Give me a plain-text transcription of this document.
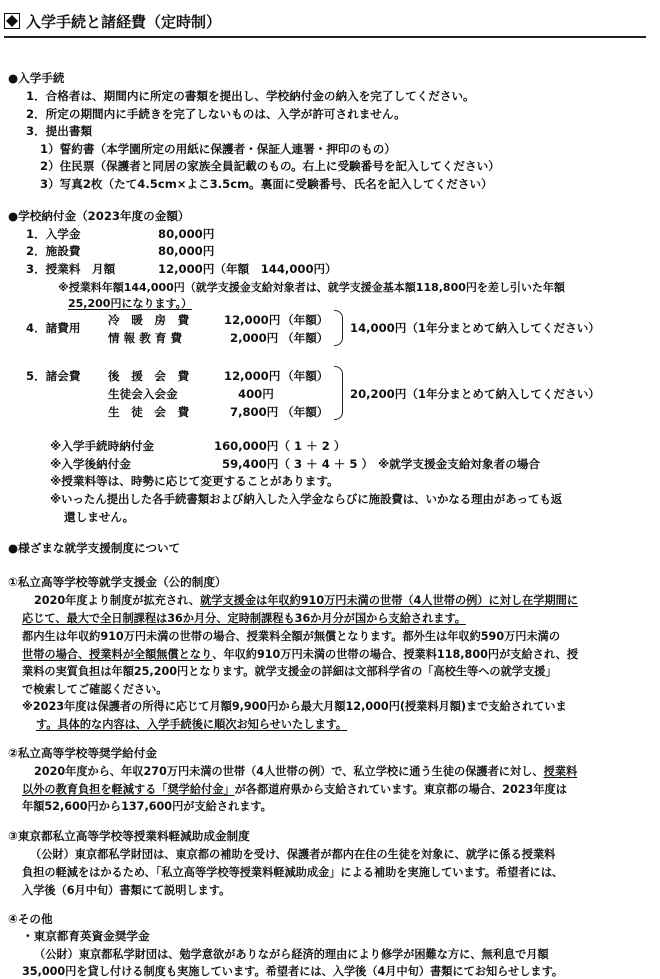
入学手続と諸経費（定時制）
●入学手続
1．合格者は、期間内に所定の書類を提出し、学校納付金の納入を完了してください。
2．所定の期間内に手続きを完了しないものは、入学が許可されません。
3．提出書類
1）誓約書（本学園所定の用紙に保護者・保証人連署・押印のもの）
2）住民票（保護者と同居の家族全員記載のもの。右上に受験番号を記入してください）
3）写真2枚（たて4.5cm×よこ3.5cm。裏面に受験番号、氏名を記入してください）
●学校納付金（2023年度の金額）
1．入学金	80,000円
2．施設費	80,000円
3．授業料　月額	12,000円（年額　144,000円）
※授業料年額144,000円（就学支援金支給対象者は、就学支援金基本額118,800円を差し引いた年額
25,200円になります。）
4．諸費用
冷　暖　房　費	12,000円 （年額）
情 報 教 育 費	2,000円 （年額）
14,000円（1年分まとめて納入してください）
5．諸会費 後　援　会　費	12,000円 （年額）
生徒会入会金	400円
生　徒　会　費	7,800円 （年額）
20,200円（1年分まとめて納入してください）
※入学手続時納付金	160,000円（ 1 ＋ 2 ）
※入学後納付金	59,400円（ 3 ＋ 4 ＋ 5 ） ※就学支援金支給対象者の場合
※授業料等は、時勢に応じて変更することがあります。
※いったん提出した各手続書類および納入した入学金ならびに施設費は、いかなる理由があっても返
還しません。
●様ざまな就学支援制度について
①私立高等学校等就学支援金（公的制度）
2020年度より制度が拡充され、就学支援金は年収約910万円未満の世帯（4人世帯の例）に対し在学期間に
応じて、最大で全日制課程は36か月分、定時制課程も36か月分が国から支給されます。
都内生は年収約910万円未満の世帯の場合、授業料全額が無償となります。都外生は年収約590万円未満の
世帯の場合、授業料が全額無償となり、年収約910万円未満の世帯の場合、授業料118,800円が支給され、授
業料の実質負担は年額25,200円となります。就学支援金の詳細は文部科学省の「高校生等への就学支援」
で検索してご確認ください。
※2023年度は保護者の所得に応じて月額9,900円から最大月額12,000円(授業料月額)まで支給されていま
す。具体的な内容は、入学手続後に順次お知らせいたします。
②私立高等学校等奨学給付金
2020年度から、年収270万円未満の世帯（4人世帯の例）で、私立学校に通う生徒の保護者に対し、授業料
以外の教育負担を軽減する「奨学給付金」が各都道府県から支給されています。東京都の場合、2023年度は
年額52,600円から137,600円が支給されます。
③東京都私立高等学校等授業料軽減助成金制度
（公財）東京都私学財団は、東京都の補助を受け、保護者が都内在住の生徒を対象に、就学に係る授業料
負担の軽減をはかるため、「私立高等学校等授業料軽減助成金」による補助を実施しています。希望者には、
入学後（6月中旬）書類にて説明します。
④その他
・東京都育英資金奨学金
（公財）東京都私学財団は、勉学意欲がありながら経済的理由により修学が困難な方に、無利息で月額
35,000円を貸し付ける制度も実施しています。希望者には、入学後（4月中旬）書類にてお知らせします。
